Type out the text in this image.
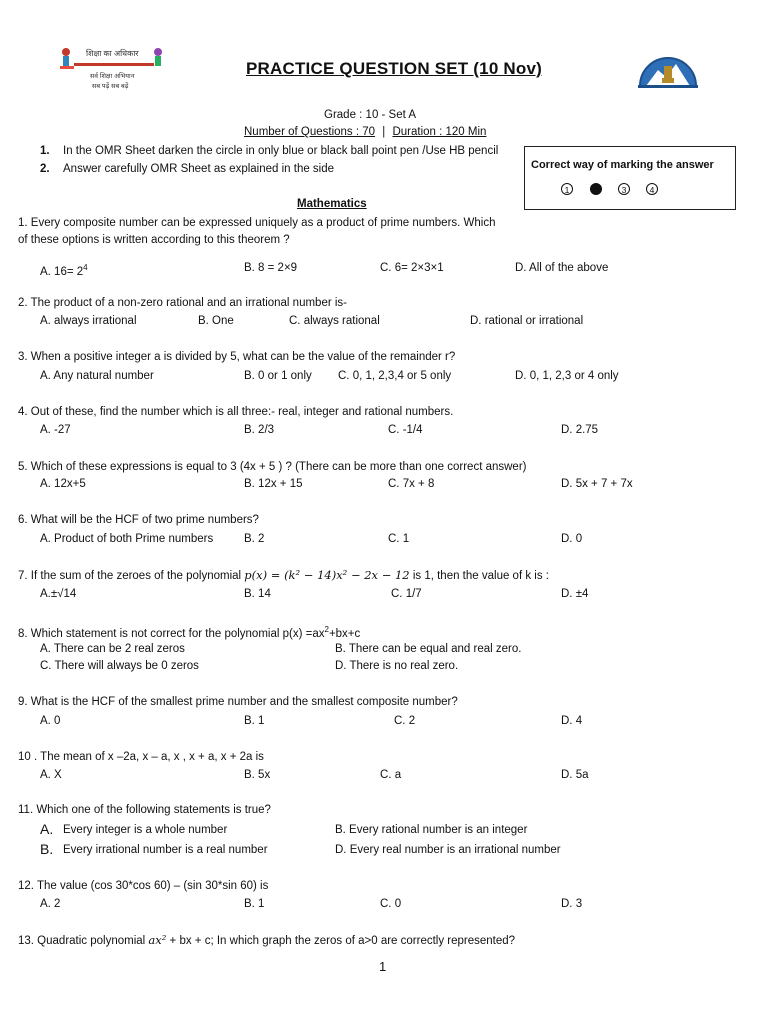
शिक्षा का अधिकार
सर्व शिक्षा अभियान
सब पढ़ें सब बढ़ें
PRACTICE QUESTION SET (10 Nov)
Grade : 10 - Set A
Number of Questions : 70 | Duration : 120 Min
1. In the OMR Sheet darken the circle in only blue or black ball point pen /Use HB pencil
2. Answer carefully OMR Sheet as explained in the side	Correct way of marking the answer
1	3	4
Mathematics
1. Every composite number can be expressed uniquely as a product of prime numbers. Which
of these options is written according to this theorem ?
A. $16= 2^4$	B. 8 = 2×9	C. 6= 2×3×1	D. All of the above
2. The product of a non-zero rational and an irrational number is-
A. always irrational	B. One	C. always rational	D. rational or irrational
3. When a positive integer a is divided by 5, what can be the value of the remainder r?
A. Any natural number	B. 0 or 1 only C. 0, 1, 2,3,4 or 5 only	D. 0, 1, 2,3 or 4 only
4. Out of these, find the number which is all three:- real, integer and rational numbers.
A. -27	B. 2/3	C. -1/4	D. 2.75
5. Which of these expressions is equal to 3 (4x + 5 ) ? (There can be more than one correct answer)
A. 12x+5	B. 12x + 15	C. 7x + 8	D. 5x + 7 + 7x
6. What will be the HCF of two prime numbers?
A. Product of both Prime numbers	B. 2	C. 1	D. 0
7. If the sum of the zeroes of the polynomial p(x) = (k² − 14)x² − 2x − 12 is 1, then the value of k is :
A.±√14	B. 14	C. 1/7	D. ±4
8. Which statement is not correct for the polynomial $p(x) =ax^2+bx+c$
A. There can be 2 real zeros	B. There can be equal and real zero.
C. There will always be 0 zeros	D. There is no real zero.
9. What is the HCF of the smallest prime number and the smallest composite number?
A. 0	B. 1	C. 2	D. 4
10 . The mean of x –2a, x – a, x , x + a, x + 2a is
A. X	B. 5x	C. a	D. 5a
11. Which one of the following statements is true?
A. Every integer is a whole number	B. Every rational number is an integer
B. Every irrational number is a real number	D. Every real number is an irrational number
12. The value (cos 30*cos 60) – (sin 30*sin 60) is
A. 2	B. 1	C. 0	D. 3
13. Quadratic polynomial ax² + bx + c; In which graph the zeros of a>0 are correctly represented?
1
